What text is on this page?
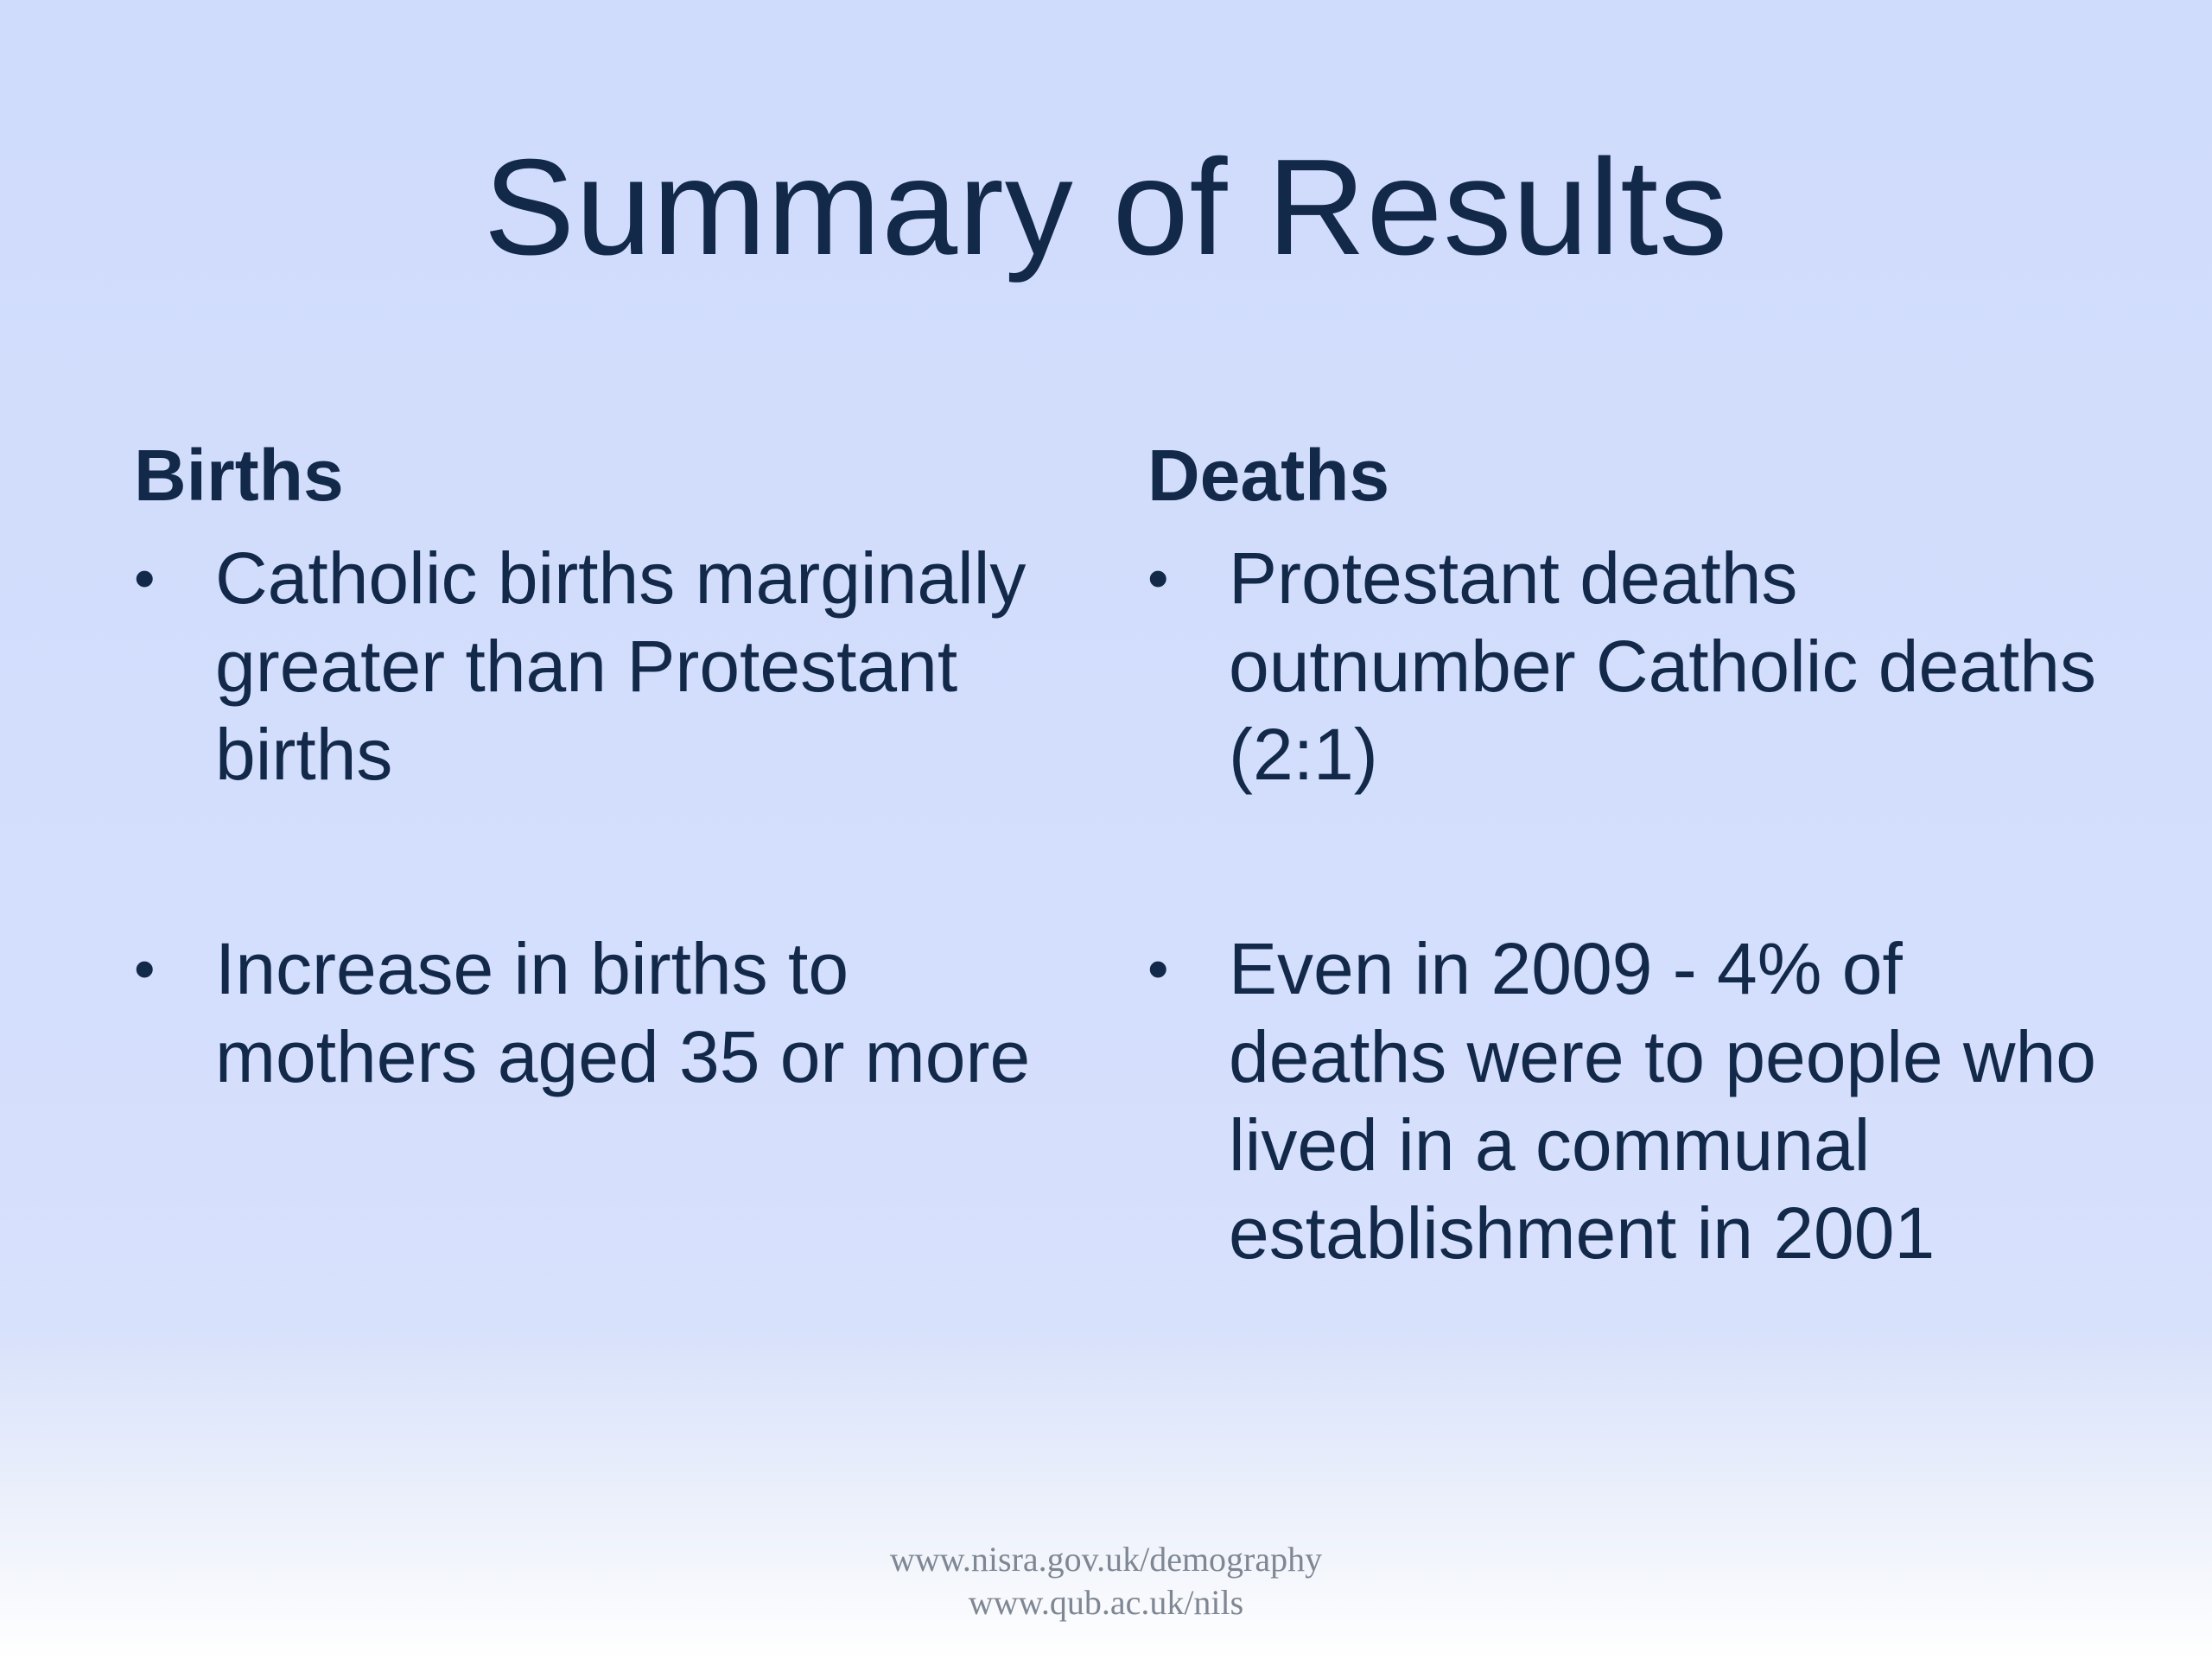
Summary of Results
Births
• Catholic births marginally greater than Protestant births
• Increase in births to mothers aged 35 or more
Deaths
• Protestant deaths outnumber Catholic deaths (2:1)
• Even in 2009 - 4% of deaths were to people who lived in a communal establishment in 2001
www.nisra.gov.uk/demography
www.qub.ac.uk/nils
